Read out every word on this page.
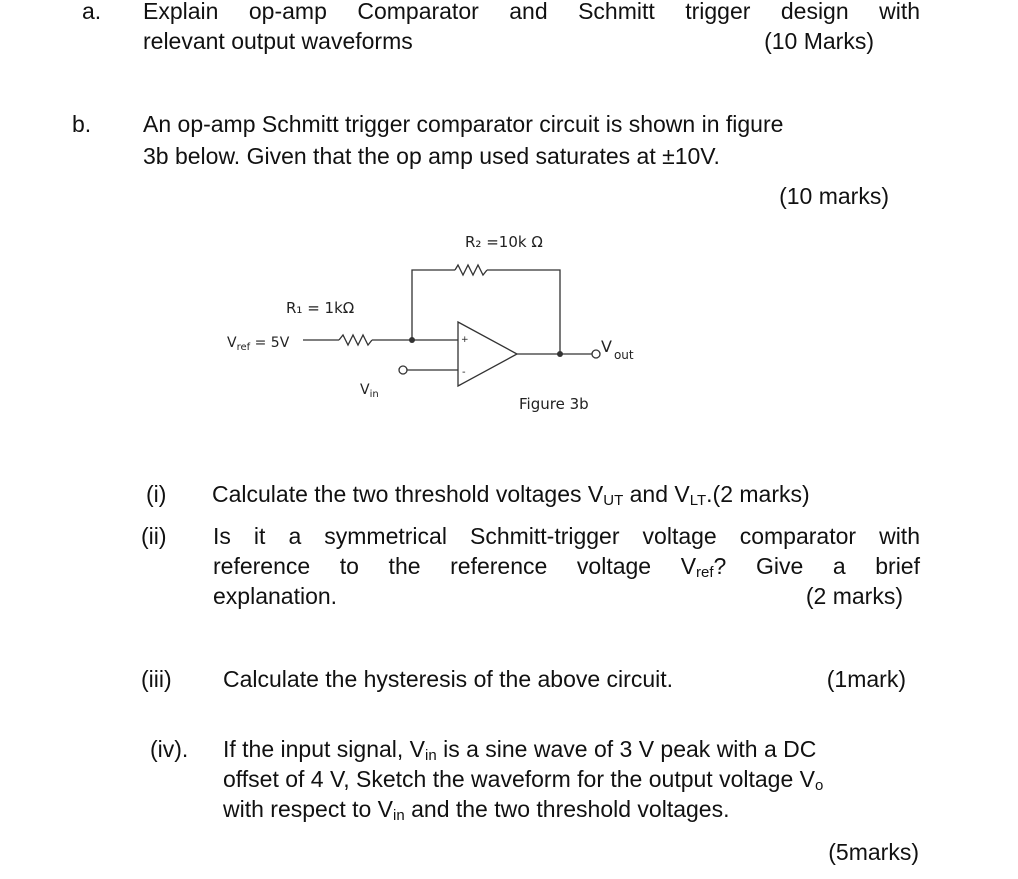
a. Explain op-amp Comparator and Schmitt trigger design with
relevant output waveforms	(10 Marks)
b. An op-amp Schmitt trigger comparator circuit is shown in figure
3b below. Given that the op amp used saturates at ±10V.
(10 marks)
R₂ =10k Ω
R₁ = 1kΩ
$V_{ref} = 5V$
$V_{in}$
+
-
V $_{out}$
Figure 3b
(i) Calculate the two threshold voltages $V_{UT}$ and $V_{LT}.(2$ marks)
(ii) Is it a symmetrical Schmitt-trigger voltage comparator with
reference to the reference voltage $V_{ref}$? Give a brief
explanation.	(2 marks)
(iii) Calculate the hysteresis of the above circuit.	(1mark)
(iv). If the input signal, $V_{in}$ is a sine wave of 3 V peak with a DC
offset of 4 V, Sketch the waveform for the output voltage $V_o$
with respect to $V_{in}$ and the two threshold voltages.
(5marks)
